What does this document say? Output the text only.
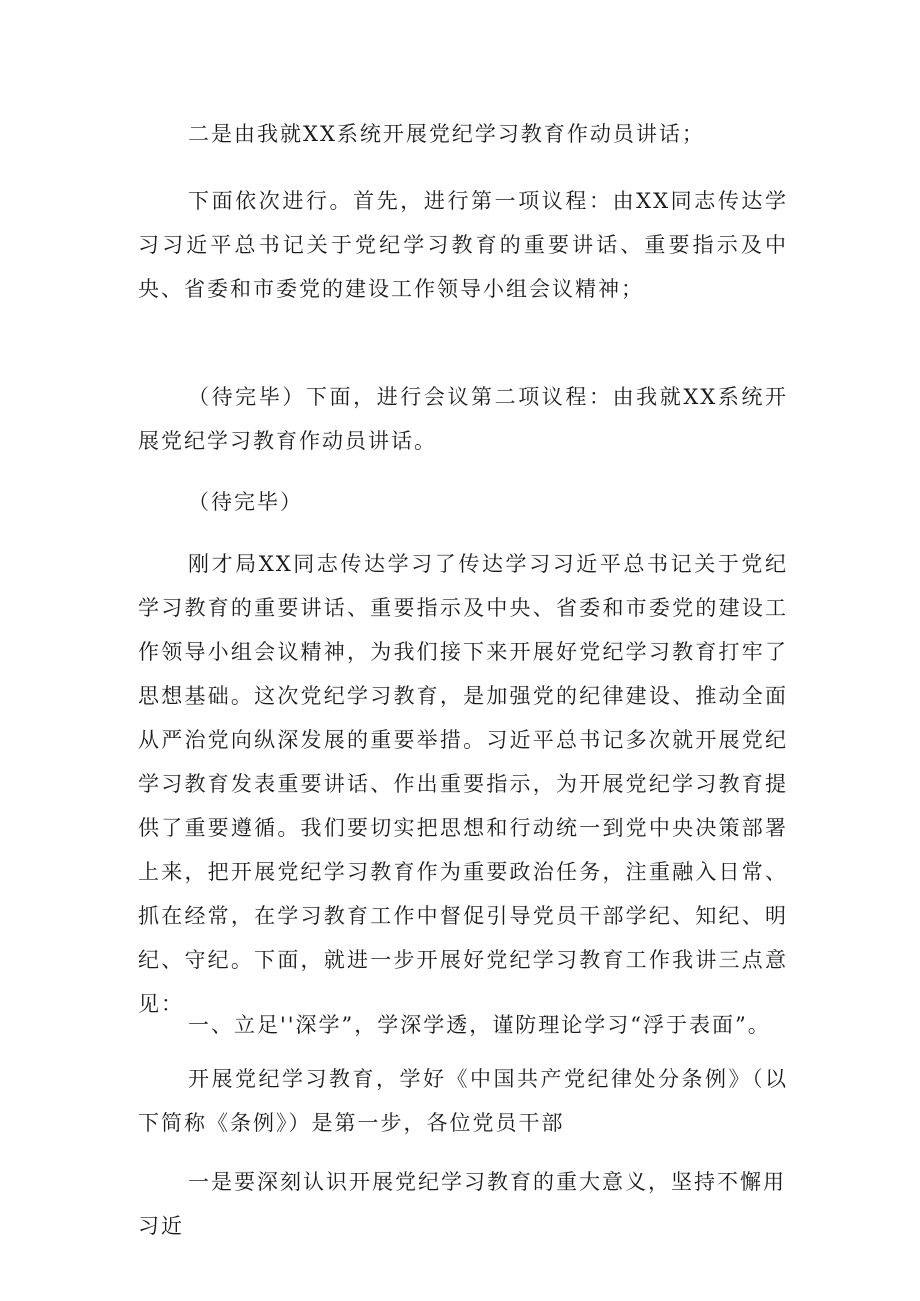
二是由我就XX系统开展党纪学习教育作动员讲话；

下面依次进行。首先，进行第一项议程：由XX同志传达学习习近平总书记关于党纪学习教育的重要讲话、重要指示及中央、省委和市委党的建设工作领导小组会议精神；

（待完毕）下面，进行会议第二项议程：由我就XX系统开展党纪学习教育作动员讲话。

（待完毕）

刚才局XX同志传达学习了传达学习习近平总书记关于党纪学习教育的重要讲话、重要指示及中央、省委和市委党的建设工作领导小组会议精神，为我们接下来开展好党纪学习教育打牢了思想基础。这次党纪学习教育，是加强党的纪律建设、推动全面从严治党向纵深发展的重要举措。习近平总书记多次就开展党纪学习教育发表重要讲话、作出重要指示，为开展党纪学习教育提供了重要遵循。我们要切实把思想和行动统一到党中央决策部署上来，把开展党纪学习教育作为重要政治任务，注重融入日常、抓在经常，在学习教育工作中督促引导党员干部学纪、知纪、明纪、守纪。下面，就进一步开展好党纪学习教育工作我讲三点意见：

一、立足''深学”，学深学透，谨防理论学习“浮于表面”。

开展党纪学习教育，学好《中国共产党纪律处分条例》（以下简称《条例》）是第一步，各位党员干部

一是要深刻认识开展党纪学习教育的重大意义，坚持不懈用习近
